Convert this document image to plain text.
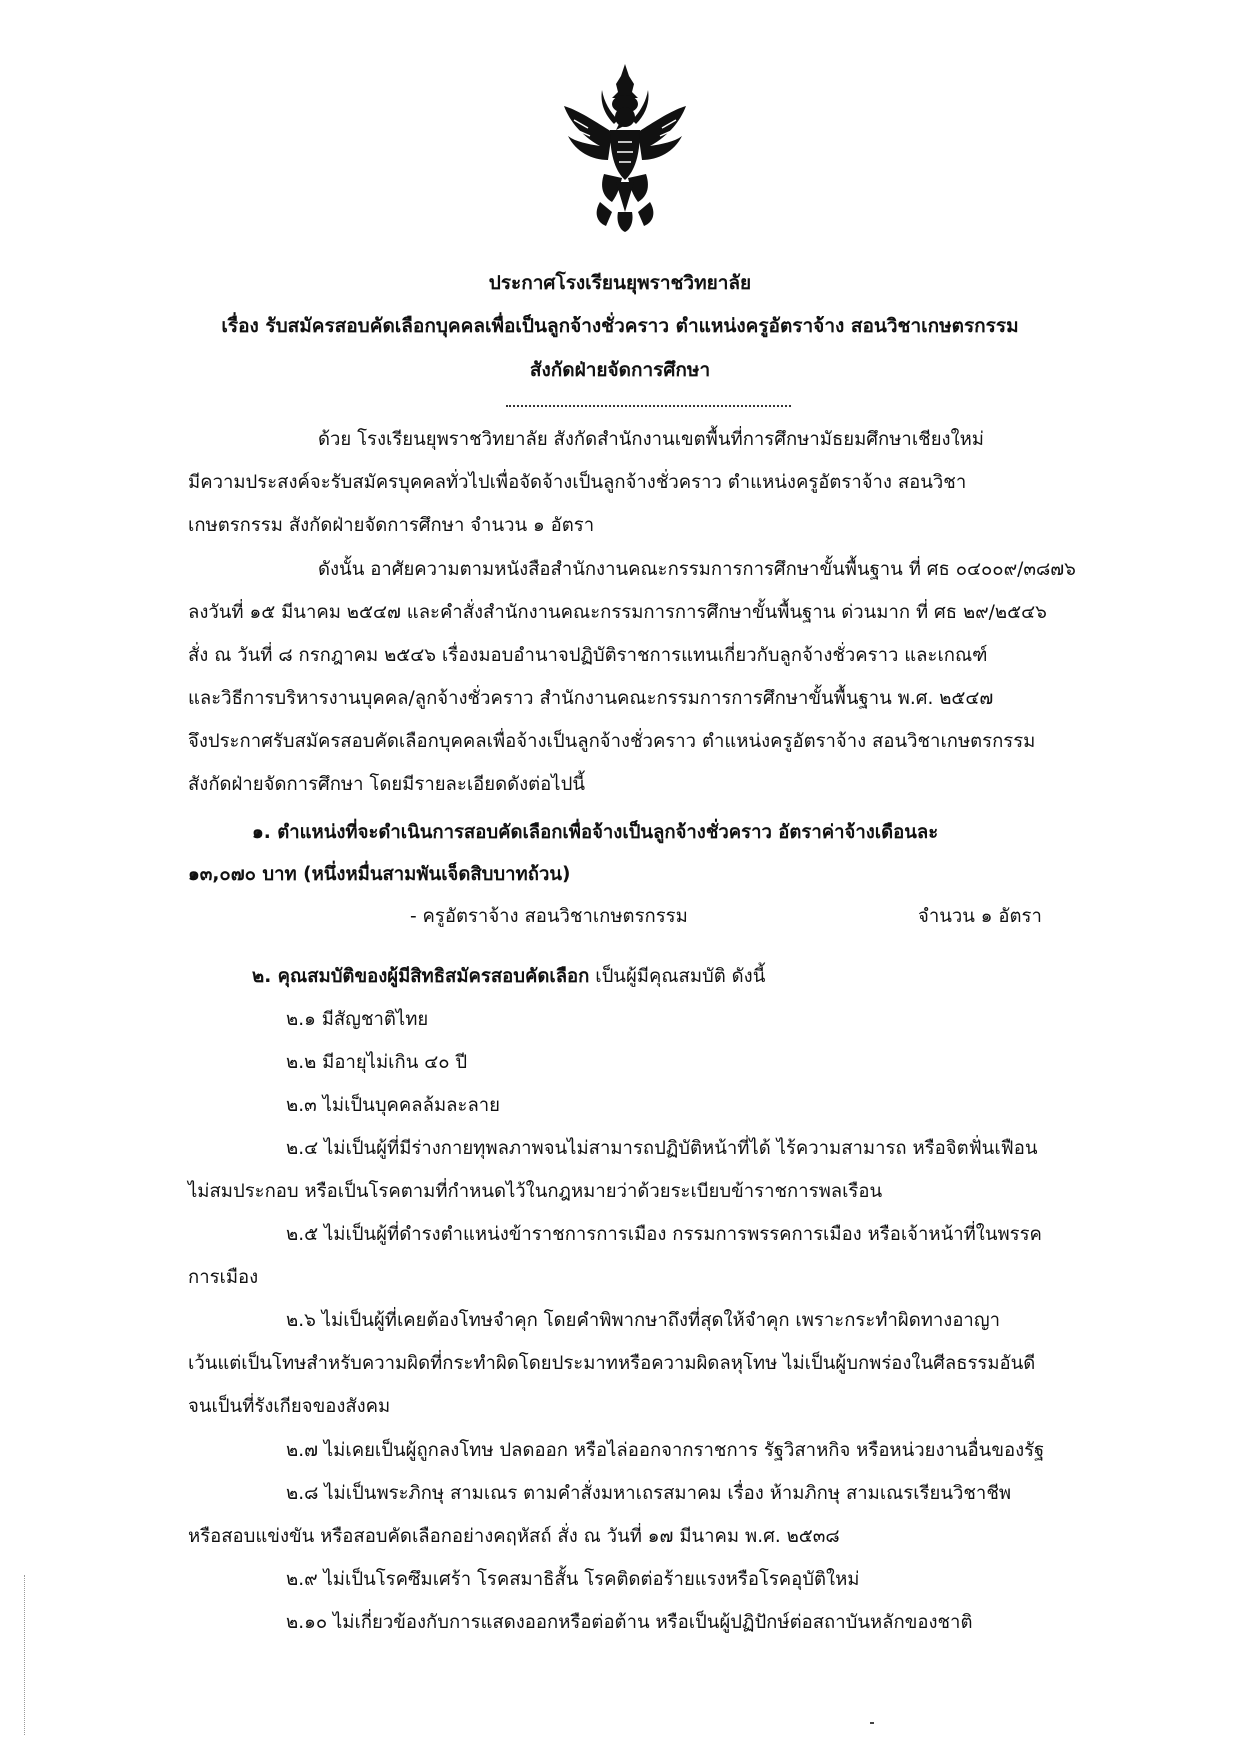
ประกาศโรงเรียนยุพราชวิทยาลัย
เรื่อง รับสมัครสอบคัดเลือกบุคคลเพื่อเป็นลูกจ้างชั่วคราว ตำแหน่งครูอัตราจ้าง สอนวิชาเกษตรกรรม
สังกัดฝ่ายจัดการศึกษา
ด้วย โรงเรียนยุพราชวิทยาลัย สังกัดสำนักงานเขตพื้นที่การศึกษามัธยมศึกษาเชียงใหม่
มีความประสงค์จะรับสมัครบุคคลทั่วไปเพื่อจัดจ้างเป็นลูกจ้างชั่วคราว ตำแหน่งครูอัตราจ้าง สอนวิชา
เกษตรกรรม สังกัดฝ่ายจัดการศึกษา จำนวน ๑ อัตรา
ดังนั้น อาศัยความตามหนังสือสำนักงานคณะกรรมการการศึกษาขั้นพื้นฐาน ที่ ศธ ๐๔๐๐๙/๓๘๗๖
ลงวันที่ ๑๕ มีนาคม ๒๕๔๗ และคำสั่งสำนักงานคณะกรรมการการศึกษาขั้นพื้นฐาน ด่วนมาก ที่ ศธ ๒๙/๒๕๔๖
สั่ง ณ วันที่ ๘ กรกฎาคม ๒๕๔๖ เรื่องมอบอำนาจปฏิบัติราชการแทนเกี่ยวกับลูกจ้างชั่วคราว และเกณฑ์
และวิธีการบริหารงานบุคคล/ลูกจ้างชั่วคราว สำนักงานคณะกรรมการการศึกษาขั้นพื้นฐาน พ.ศ. ๒๕๔๗
จึงประกาศรับสมัครสอบคัดเลือกบุคคลเพื่อจ้างเป็นลูกจ้างชั่วคราว ตำแหน่งครูอัตราจ้าง สอนวิชาเกษตรกรรม
สังกัดฝ่ายจัดการศึกษา โดยมีรายละเอียดดังต่อไปนี้
๑. ตำแหน่งที่จะดำเนินการสอบคัดเลือกเพื่อจ้างเป็นลูกจ้างชั่วคราว อัตราค่าจ้างเดือนละ
๑๓,๐๗๐ บาท (หนึ่งหมื่นสามพันเจ็ดสิบบาทถ้วน)
- ครูอัตราจ้าง สอนวิชาเกษตรกรรม	จำนวน ๑ อัตรา
๒. คุณสมบัติของผู้มีสิทธิสมัครสอบคัดเลือก เป็นผู้มีคุณสมบัติ ดังนี้
๒.๑ มีสัญชาติไทย
๒.๒ มีอายุไม่เกิน ๔๐ ปี
๒.๓ ไม่เป็นบุคคลล้มละลาย
๒.๔ ไม่เป็นผู้ที่มีร่างกายทุพลภาพจนไม่สามารถปฏิบัติหน้าที่ได้ ไร้ความสามารถ หรือจิตฟั่นเฟือน
ไม่สมประกอบ หรือเป็นโรคตามที่กำหนดไว้ในกฎหมายว่าด้วยระเบียบข้าราชการพลเรือน
๒.๕ ไม่เป็นผู้ที่ดำรงตำแหน่งข้าราชการการเมือง กรรมการพรรคการเมือง หรือเจ้าหน้าที่ในพรรค
การเมือง
๒.๖ ไม่เป็นผู้ที่เคยต้องโทษจำคุก โดยคำพิพากษาถึงที่สุดให้จำคุก เพราะกระทำผิดทางอาญา
เว้นแต่เป็นโทษสำหรับความผิดที่กระทำผิดโดยประมาทหรือความผิดลหุโทษ ไม่เป็นผู้บกพร่องในศีลธรรมอันดี
จนเป็นที่รังเกียจของสังคม
๒.๗ ไม่เคยเป็นผู้ถูกลงโทษ ปลดออก หรือไล่ออกจากราชการ รัฐวิสาหกิจ หรือหน่วยงานอื่นของรัฐ
๒.๘ ไม่เป็นพระภิกษุ สามเณร ตามคำสั่งมหาเถรสมาคม เรื่อง ห้ามภิกษุ สามเณรเรียนวิชาชีพ
หรือสอบแข่งขัน หรือสอบคัดเลือกอย่างคฤหัสถ์ สั่ง ณ วันที่ ๑๗ มีนาคม พ.ศ. ๒๕๓๘
๒.๙ ไม่เป็นโรคซึมเศร้า โรคสมาธิสั้น โรคติดต่อร้ายแรงหรือโรคอุบัติใหม่
๒.๑๐ ไม่เกี่ยวข้องกับการแสดงออกหรือต่อต้าน หรือเป็นผู้ปฏิปักษ์ต่อสถาบันหลักของชาติ
